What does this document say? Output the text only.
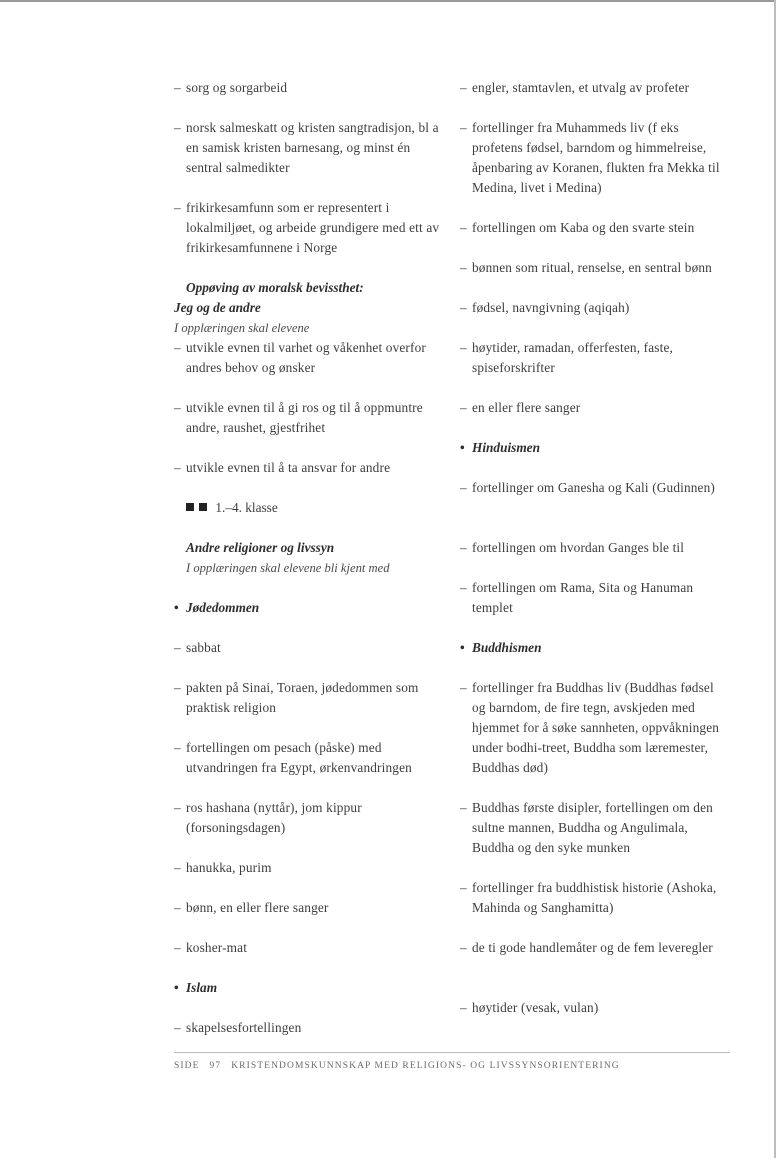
– sorg og sorgarbeid
– norsk salmeskatt og kristen sangtradisjon, bl a en samisk kristen barnesang, og minst én sentral salmedikter
– frikirkesamfunn som er representert i lokalmiljøet, og arbeide grundigere med ett av frikirkesamfunnene i Norge
Oppøving av moralsk bevissthet:
Jeg og de andre
I opplæringen skal elevene
– utvikle evnen til varhet og våkenhet overfor andres behov og ønsker
– utvikle evnen til å gi ros og til å oppmuntre andre, raushet, gjestfrihet
– utvikle evnen til å ta ansvar for andre
1.–4. klasse
Andre religioner og livssyn
I opplæringen skal elevene bli kjent med
• Jødedommen
– sabbat
– pakten på Sinai, Toraen, jødedommen som praktisk religion
– fortellingen om pesach (påske) med utvandringen fra Egypt, ørkenvandringen
– ros hashana (nyttår), jom kippur (forsoningsdagen)
– hanukka, purim
– bønn, en eller flere sanger
– kosher-mat
• Islam
– skapelsesfortellingen
– engler, stamtavlen, et utvalg av profeter
– fortellinger fra Muhammeds liv (f eks profetens fødsel, barndom og himmelreise, åpenbaring av Koranen, flukten fra Mekka til Medina, livet i Medina)
– fortellingen om Kaba og den svarte stein
– bønnen som ritual, renselse, en sentral bønn
– fødsel, navngivning (aqiqah)
– høytider, ramadan, offerfesten, faste, spiseforskrifter
– en eller flere sanger
• Hinduismen
– fortellinger om Ganesha og Kali (Gudinnen)
– fortellingen om hvordan Ganges ble til
– fortellingen om Rama, Sita og Hanuman templet
• Buddhismen
– fortellinger fra Buddhas liv (Buddhas fødsel og barndom, de fire tegn, avskjeden med hjemmet for å søke sannheten, oppvåkningen under bodhi-treet, Buddha som læremester, Buddhas død)
– Buddhas første disipler, fortellingen om den sultne mannen, Buddha og Angulimala, Buddha og den syke munken
– fortellinger fra buddhistisk historie (Ashoka, Mahinda og Sanghamitta)
– de ti gode handlemåter og de fem leveregler
– høytider (vesak, vulan)
SIDE 97 KRISTENDOMSKUNNSKAP MED RELIGIONS- OG LIVSSYNSORIENTERING
